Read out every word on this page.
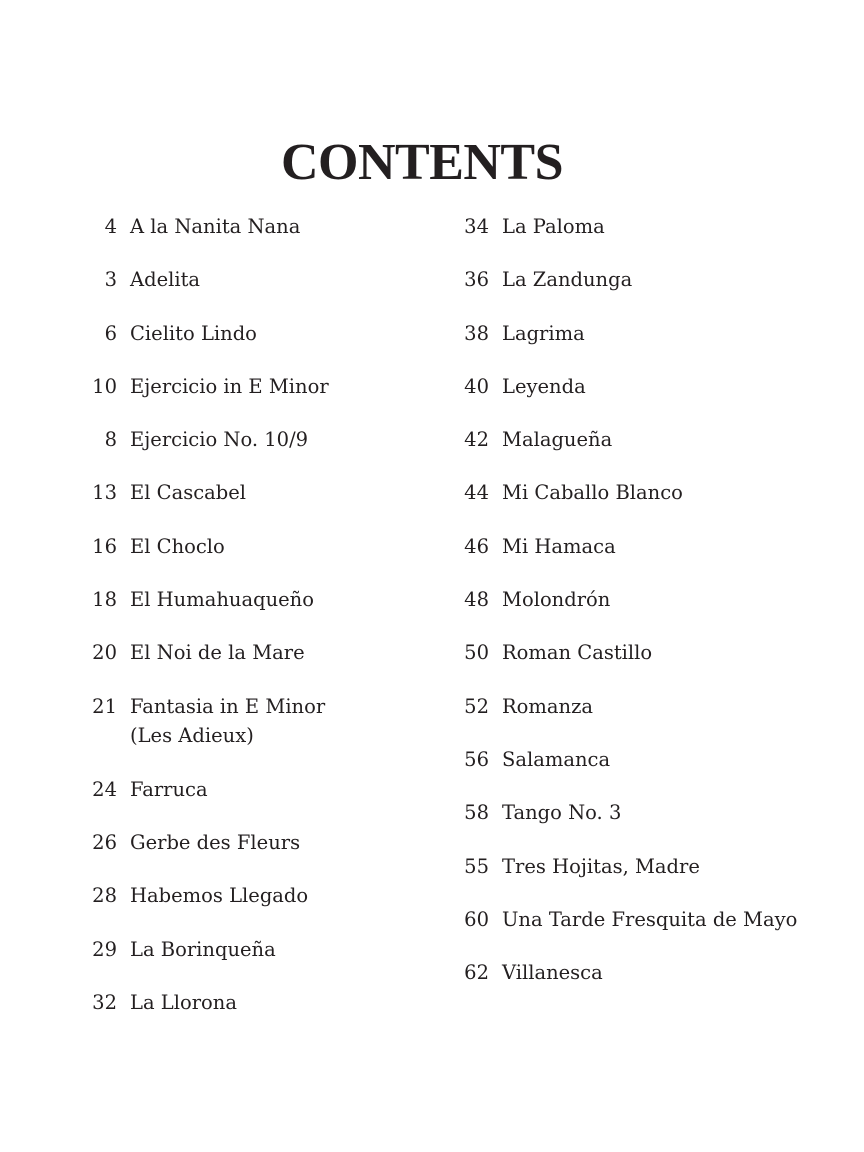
CONTENTS
4 A la Nanita Nana
3 Adelita
6 Cielito Lindo
10 Ejercicio in E Minor
8 Ejercicio No. 10/9
13 El Cascabel
16 El Choclo
18 El Humahuaqueño
20 El Noi de la Mare
21 Fantasia in E Minor
(Les Adieux)
24 Farruca
26 Gerbe des Fleurs
28 Habemos Llegado
29 La Borinqueña
32 La Llorona
34 La Paloma
36 La Zandunga
38 Lagrima
40 Leyenda
42 Malagueña
44 Mi Caballo Blanco
46 Mi Hamaca
48 Molondrón
50 Roman Castillo
52 Romanza
56 Salamanca
58 Tango No. 3
55 Tres Hojitas, Madre
60 Una Tarde Fresquita de Mayo
62 Villanesca
